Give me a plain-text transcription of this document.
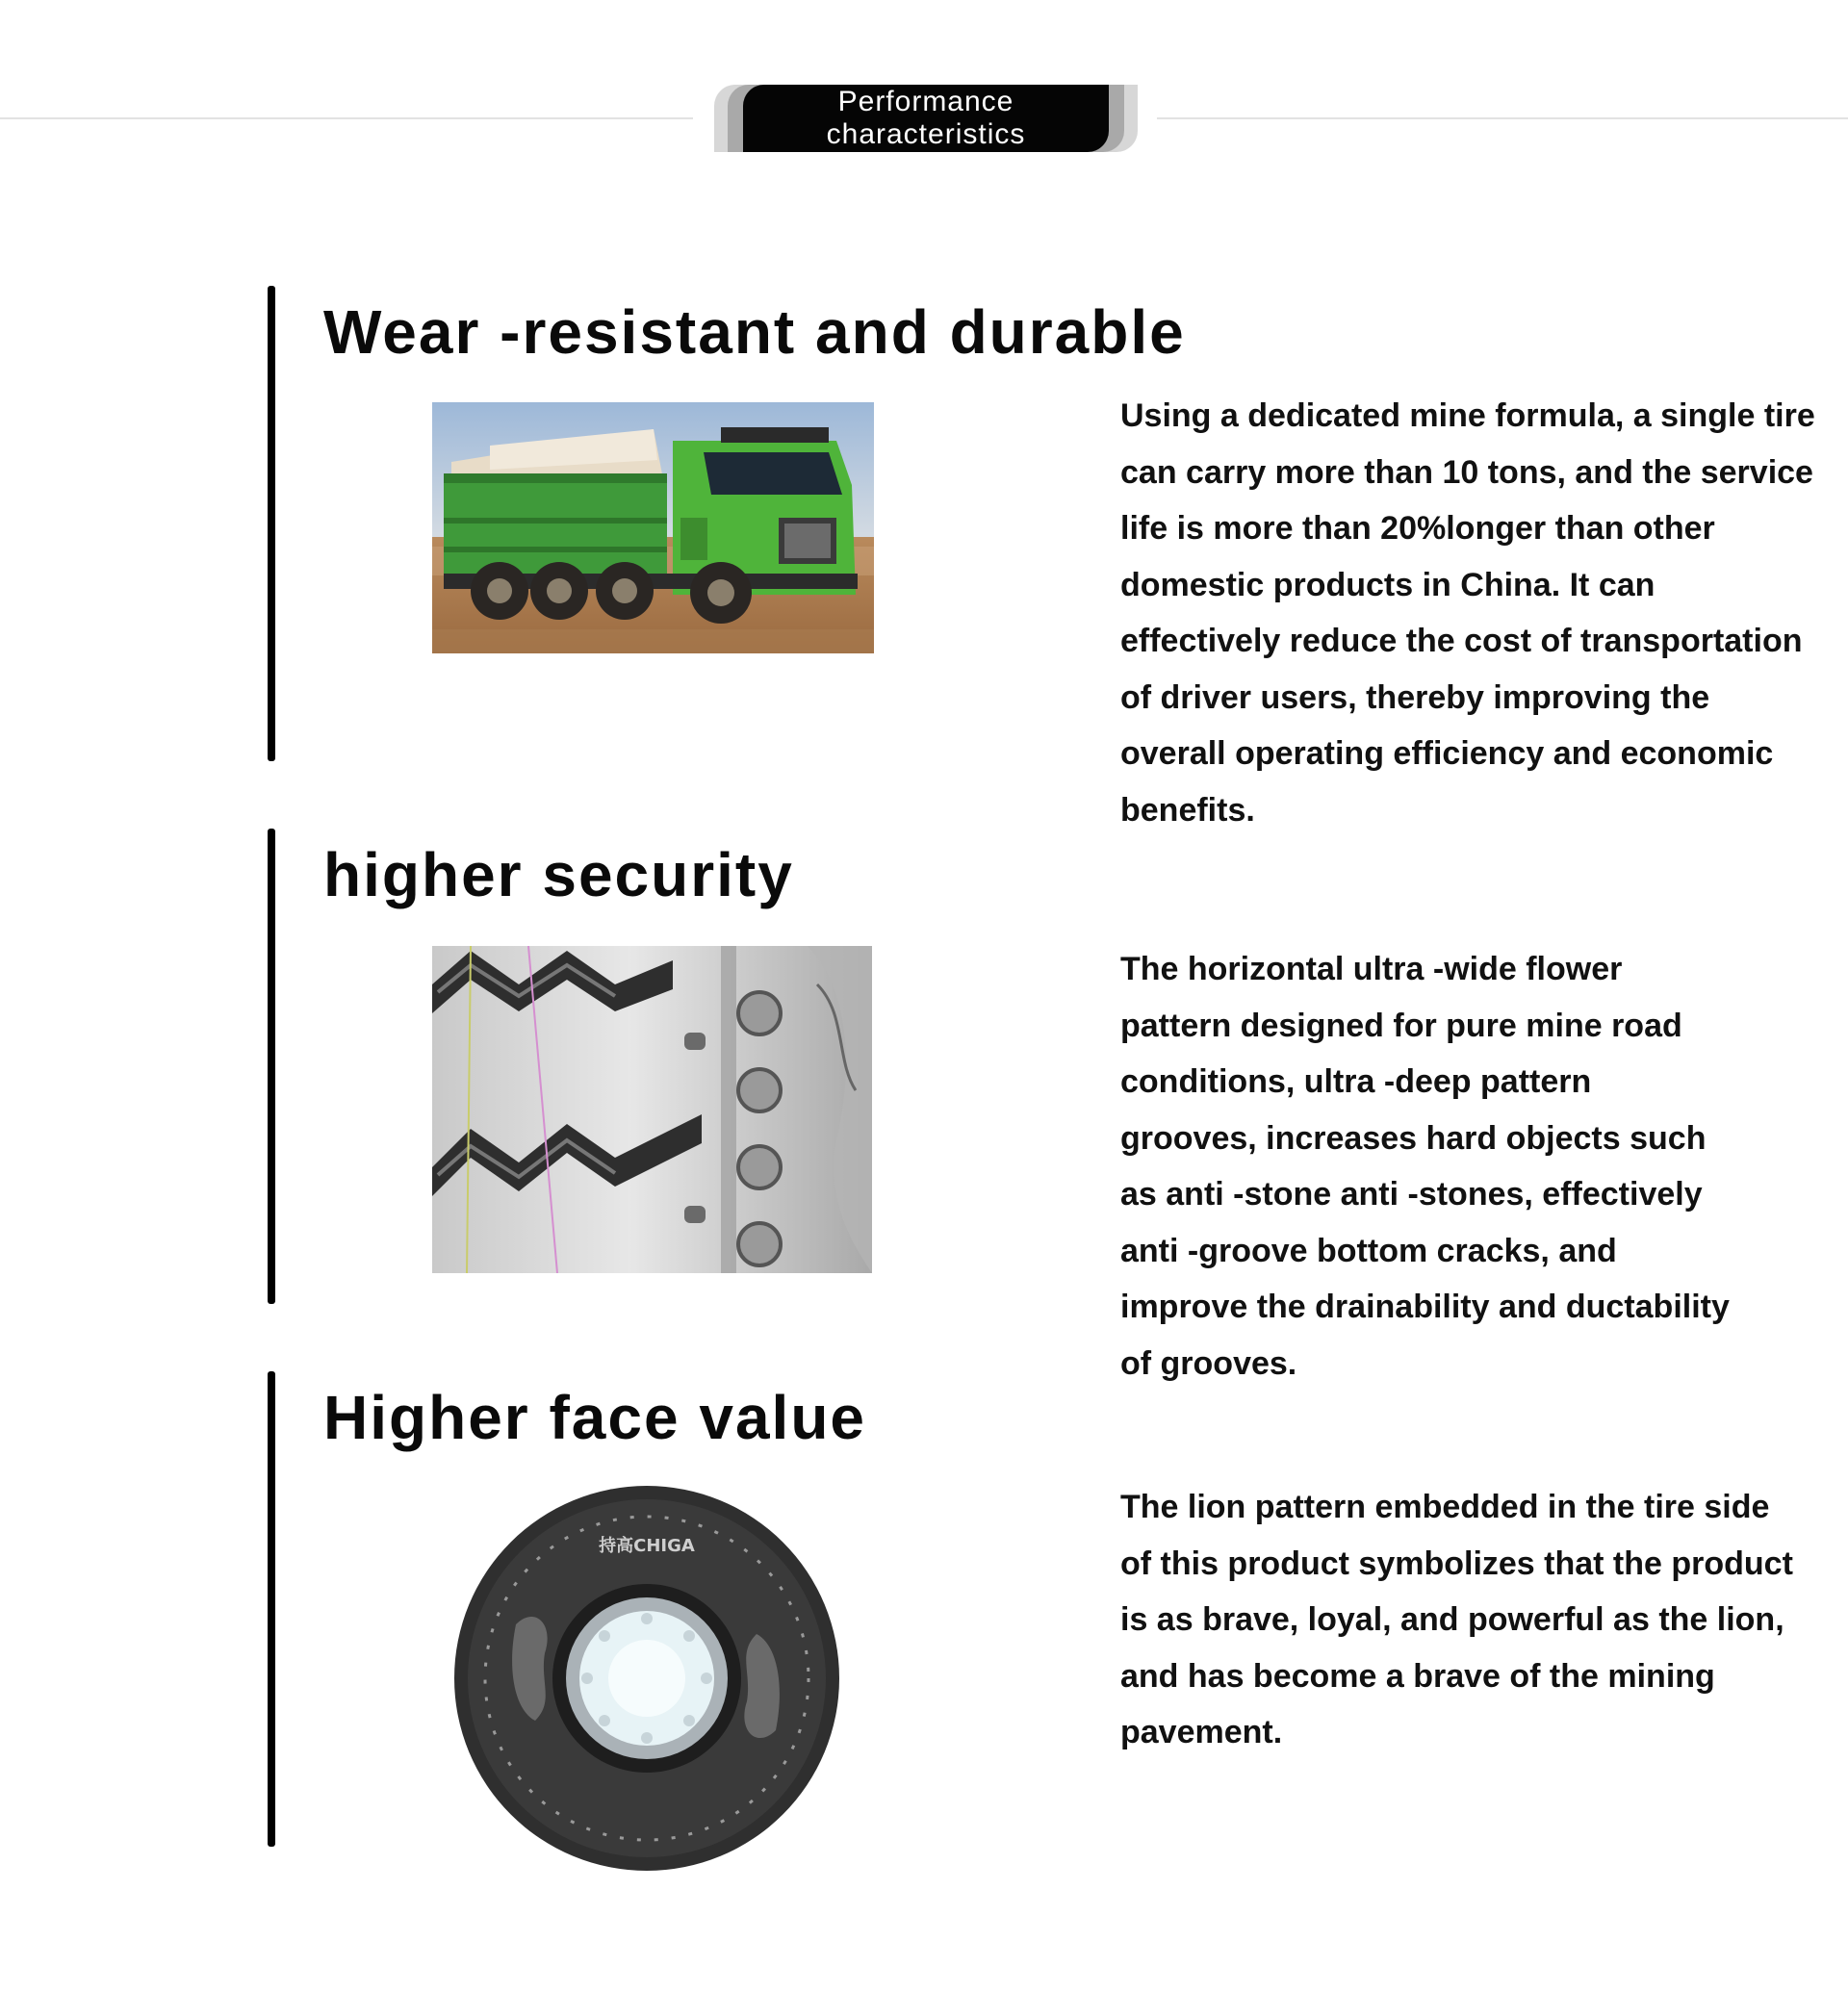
Performance characteristics
Wear -resistant and durable
Using a dedicated mine formula, a single tire can carry more than 10 tons, and the service life is more than 20%longer than other domestic products in China. It can effectively reduce the cost of transportation of driver users, thereby improving the overall operating efficiency and economic benefits.
higher security
The horizontal ultra -wide flower pattern designed for pure mine road conditions, ultra -deep pattern grooves, increases hard objects such as anti -stone anti -stones, effectively anti -groove bottom cracks, and improve the drainability and ductability of grooves.
Higher face value
持高CHIGA
The lion pattern embedded in the tire side of this product symbolizes that the product is as brave, loyal, and powerful as the lion, and has become a brave of the mining pavement.
